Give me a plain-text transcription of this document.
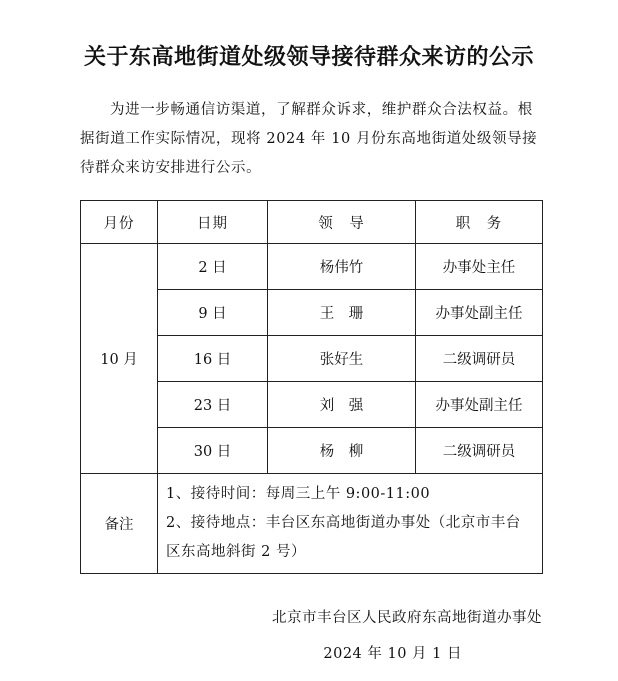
关于东高地街道处级领导接待群众来访的公示
为进一步畅通信访渠道，了解群众诉求，维护群众合法权益。根据街道工作实际情况，现将 2024 年 10 月份东高地街道处级领导接待群众来访安排进行公示。
月份	日期	领　导	职　务
10 月	2 日	杨伟竹	办事处主任
	9 日	王　珊	办事处副主任
	16 日	张好生	二级调研员
	23 日	刘　强	办事处副主任
	30 日	杨　柳	二级调研员
备注	1、接待时间：每周三上午 9:00-11:00
2、接待地点：丰台区东高地街道办事处（北京市丰台区东高地斜街 2 号）		
北京市丰台区人民政府东高地街道办事处
2024 年 10 月 1 日
